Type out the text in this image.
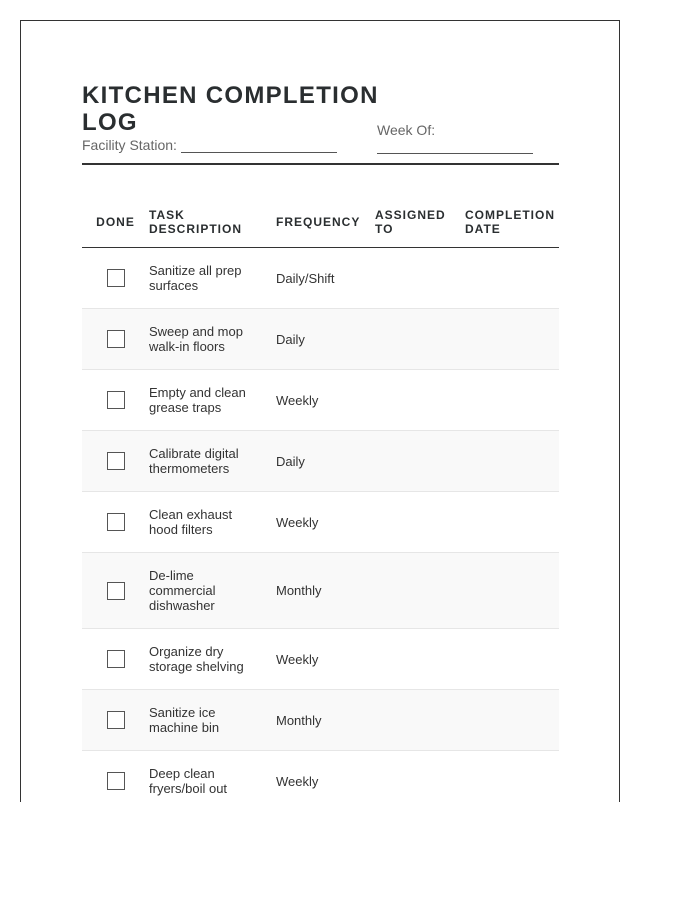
KITCHEN COMPLETION LOG
Facility Station:
Week Of:
DONE	TASK DESCRIPTION	FREQUENCY	ASSIGNED TO	COMPLETION DATE

	Sanitize all prep surfaces	Daily/Shift		

	Sweep and mop walk-in floors	Daily		

	Empty and clean grease traps	Weekly		

	Calibrate digital thermometers	Daily		

	Clean exhaust hood filters	Weekly		

	De-lime commercial dishwasher	Monthly		

	Organize dry storage shelving	Weekly		

	Sanitize ice machine bin	Monthly		

	Deep clean fryers/boil out	Weekly		
